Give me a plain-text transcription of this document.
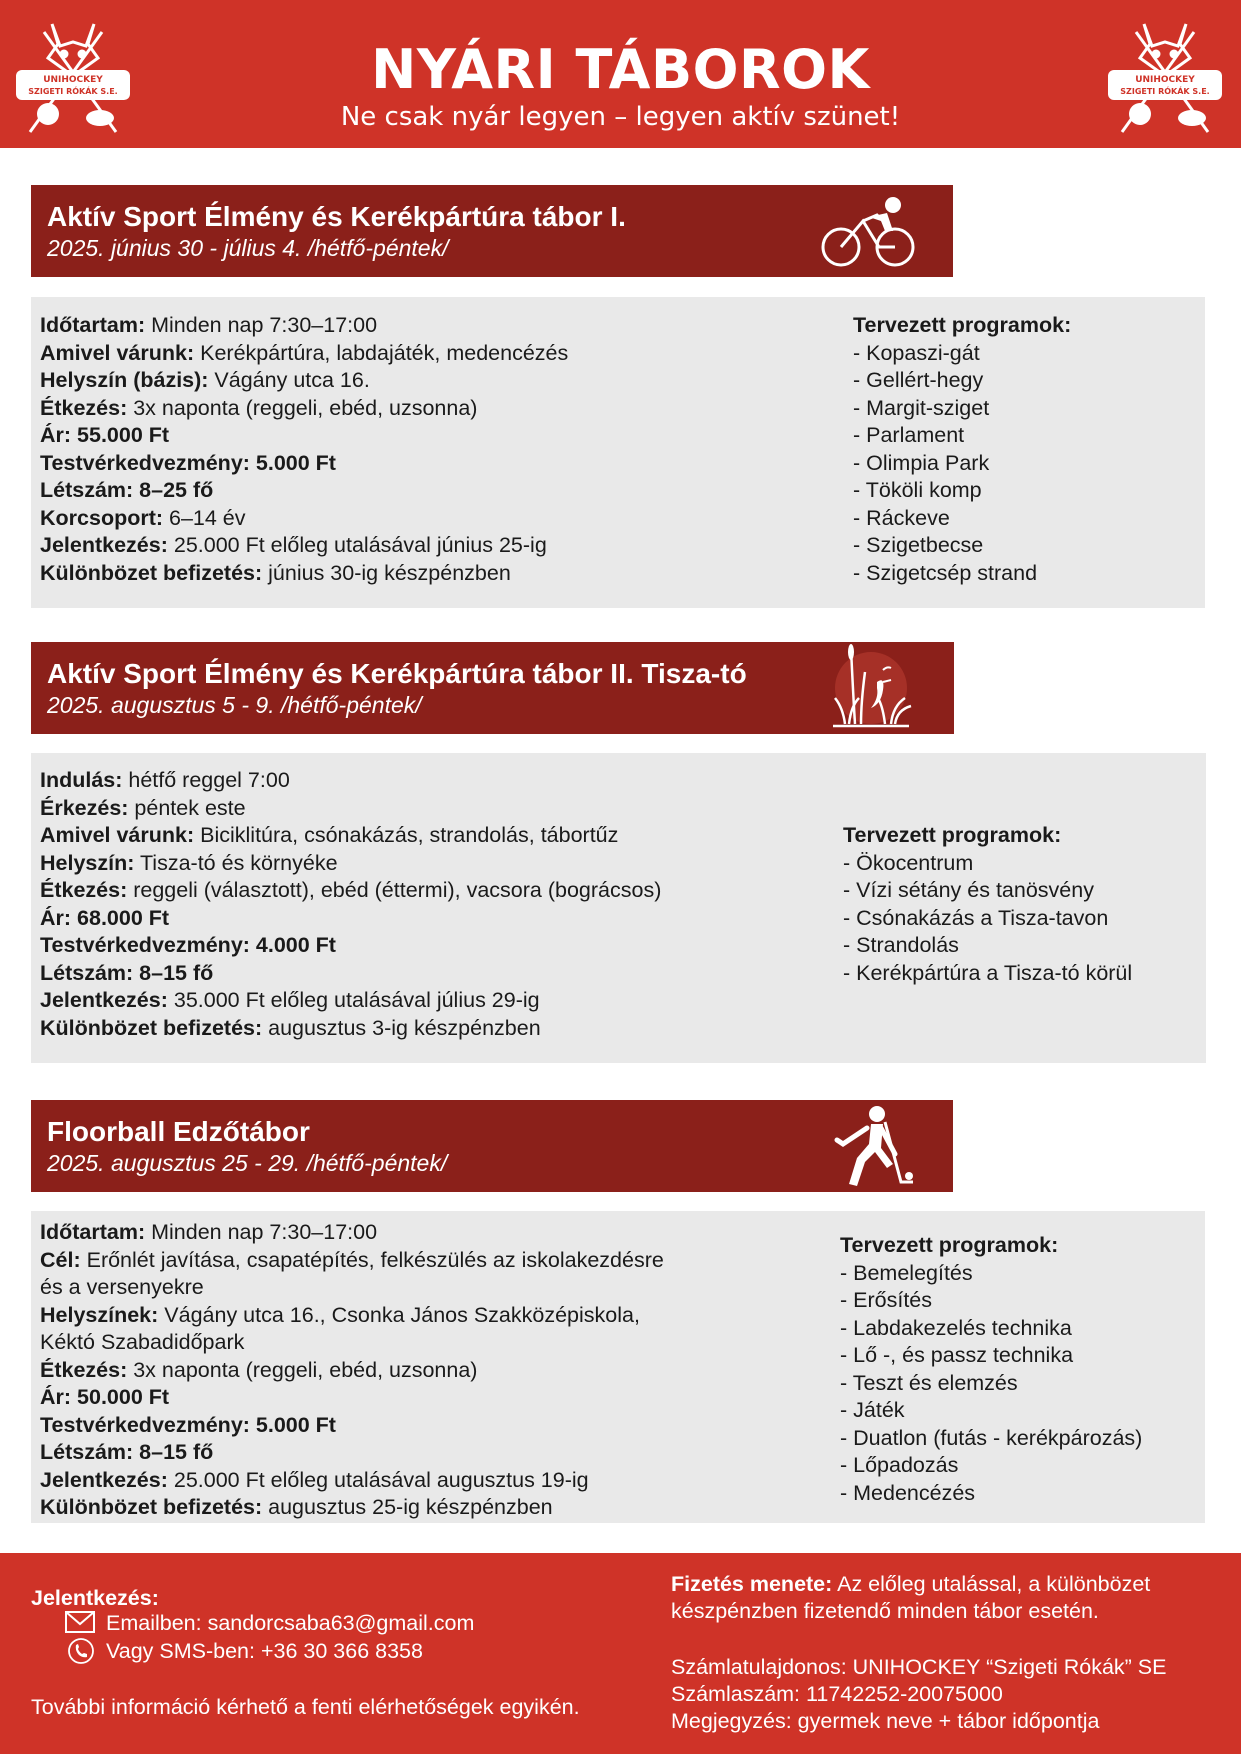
UNIHOCKEY
SZIGETI RÓKÁK S.E.	NYÁRI TÁBOROK
Ne csak nyár legyen – legyen aktív szünet!
UNIHOCKEY
SZIGETI RÓKÁK S.E.
Aktív Sport Élmény és Kerékpártúra tábor I.
2025. június 30 - július 4. /hétfő-péntek/
Időtartam: Minden nap 7:30–17:00
Amivel várunk: Kerékpártúra, labdajáték, medencézés
Helyszín (bázis): Vágány utca 16.
Étkezés: 3x naponta (reggeli, ebéd, uzsonna)
Ár: 55.000 Ft
Testvérkedvezmény: 5.000 Ft
Létszám: 8–25 fő
Korcsoport: 6–14 év
Jelentkezés: 25.000 Ft előleg utalásával június 25-ig
Különbözet befizetés: június 30-ig készpénzben
Tervezett programok:
- Kopaszi-gát
- Gellért-hegy
- Margit-sziget
- Parlament
- Olimpia Park
- Tököli komp
- Ráckeve
- Szigetbecse
- Szigetcsép strand
Aktív Sport Élmény és Kerékpártúra tábor II. Tisza-tó
2025. augusztus 5 - 9. /hétfő-péntek/
Indulás: hétfő reggel 7:00
Érkezés: péntek este
Amivel várunk: Biciklitúra, csónakázás, strandolás, tábortűz
Helyszín: Tisza-tó és környéke
Étkezés: reggeli (választott), ebéd (éttermi), vacsora (bográcsos)
Ár: 68.000 Ft
Testvérkedvezmény: 4.000 Ft
Létszám: 8–15 fő
Jelentkezés: 35.000 Ft előleg utalásával július 29-ig
Különbözet befizetés: augusztus 3-ig készpénzben
Tervezett programok:
- Ökocentrum
- Vízi sétány és tanösvény
- Csónakázás a Tisza-tavon
- Strandolás
- Kerékpártúra a Tisza-tó körül
Floorball Edzőtábor
2025. augusztus 25 - 29. /hétfő-péntek/
Időtartam: Minden nap 7:30–17:00
Cél: Erőnlét javítása, csapatépítés, felkészülés az iskolakezdésre
és a versenyekre
Helyszínek: Vágány utca 16., Csonka János Szakközépiskola,
Kéktó Szabadidőpark
Étkezés: 3x naponta (reggeli, ebéd, uzsonna)
Ár: 50.000 Ft
Testvérkedvezmény: 5.000 Ft
Létszám: 8–15 fő
Jelentkezés: 25.000 Ft előleg utalásával augusztus 19-ig
Különbözet befizetés: augusztus 25-ig készpénzben
Tervezett programok:
- Bemelegítés
- Erősítés
- Labdakezelés technika
- Lő -, és passz technika
- Teszt és elemzés
- Játék
- Duatlon (futás - kerékpározás)
- Lőpadozás
- Medencézés
Jelentkezés:
Emailben: sandorcsaba63@gmail.com
Vagy SMS-ben: +36 30 366 8358
További információ kérhető a fenti elérhetőségek egyikén.
Fizetés menete: Az előleg utalással, a különbözet
készpénzben fizetendő minden tábor esetén.
Számlatulajdonos: UNIHOCKEY “Szigeti Rókák” SE
Számlaszám: 11742252-20075000
Megjegyzés: gyermek neve + tábor időpontja
